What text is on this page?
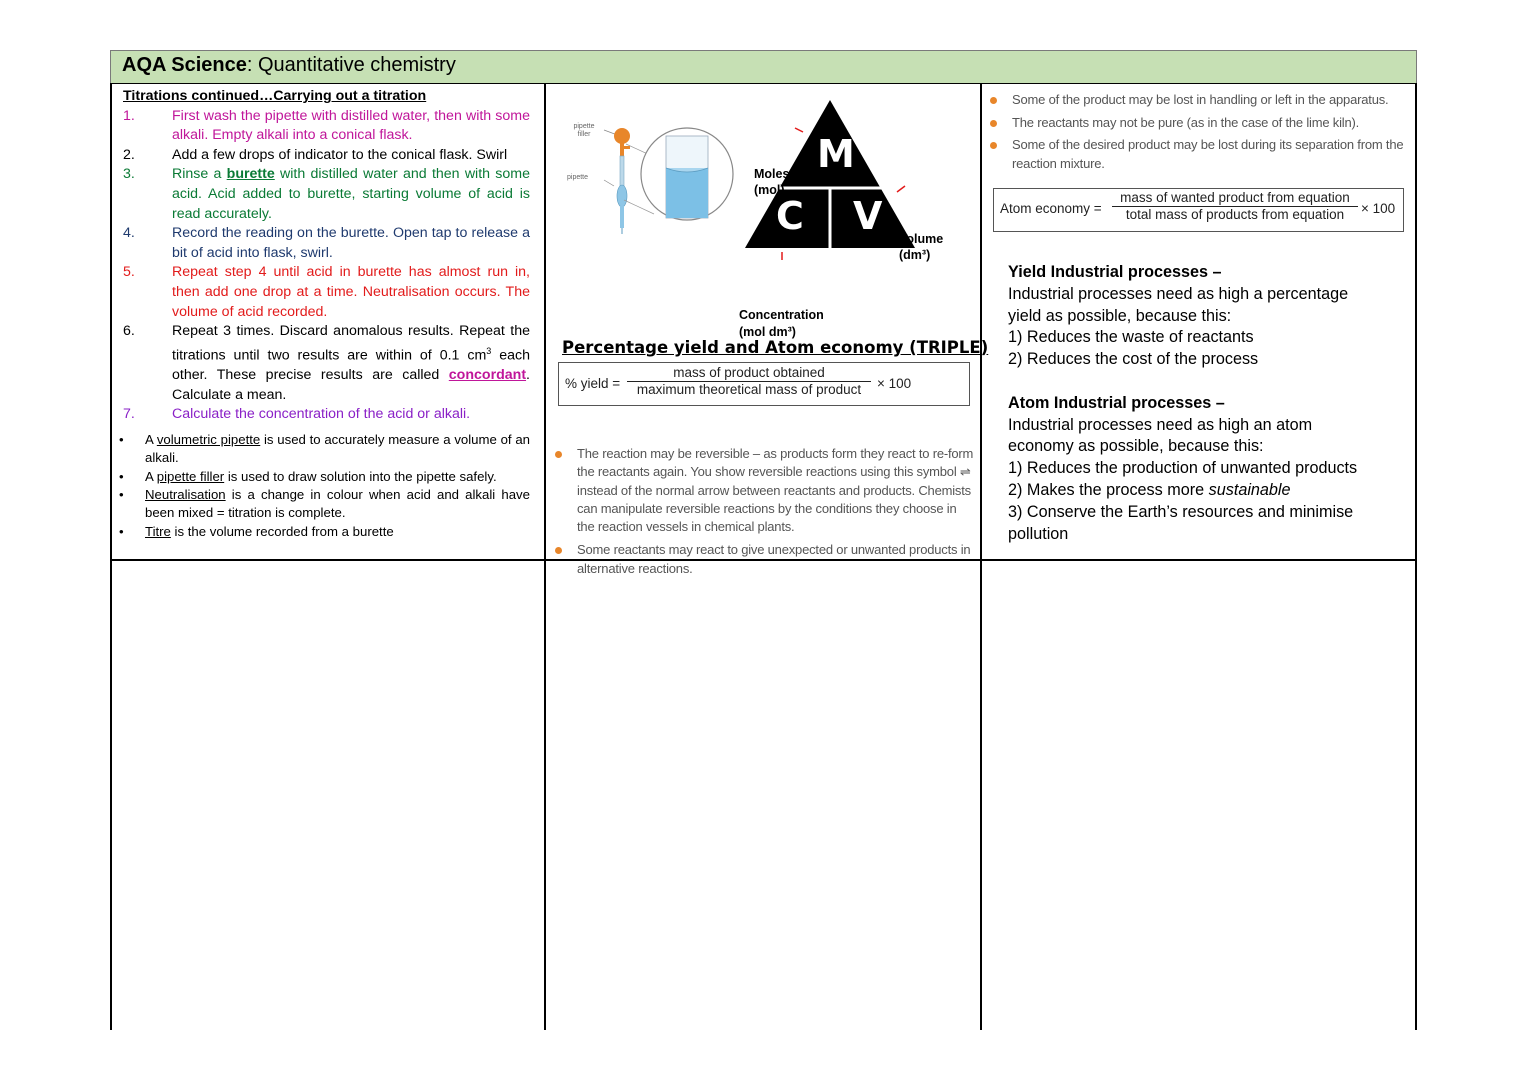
AQA Science: Quantitative chemistry
Titrations continued…Carrying out a titration
1.	First wash the pipette with distilled water, then with some alkali. Empty alkali into a conical flask.
2.	Add a few drops of indicator to the conical flask. Swirl
3.	Rinse a burette with distilled water and then with some acid. Acid added to burette, starting volume of acid is read accurately.
4.	Record the reading on the burette. Open tap to release a bit of acid into flask, swirl.
5.	Repeat step 4 until acid in burette has almost run in, then add one drop at a time. Neutralisation occurs. The volume of acid recorded.
6.	Repeat 3 times. Discard anomalous results. Repeat the titrations until two results are within of 0.1 $cm^3$ each other. These precise results are called concordant. Calculate a mean.
7.	Calculate the concentration of the acid or alkali.
• A volumetric pipette is used to accurately measure a volume of an alkali.
• A pipette filler is used to draw solution into the pipette safely.
• Neutralisation is a change in colour when acid and alkali have been mixed = titration is complete.
• Titre is the volume recorded from a burette
pipette filler
pipette
M
C V
Moles
(mol)
Volume
(dm³)
Concentration
(mol dm³)
Percentage yield and Atom economy (TRIPLE)
% yield =
mass of product obtained
maximum theoretical mass of product	× 100
The reaction may be reversible – as products form they react to re-form the reactants again. You show reversible reactions using this symbol ⇌ instead of the normal arrow between reactants and products. Chemists can manipulate reversible reactions by the conditions they choose in the reaction vessels in chemical plants.
Some reactants may react to give unexpected or unwanted products in alternative reactions.
Some of the product may be lost in handling or left in the apparatus.
The reactants may not be pure (as in the case of the lime kiln).
Some of the desired product may be lost during its separation from the reaction mixture.
Atom economy =
mass of wanted product from equation
total mass of products from equation	× 100
Yield Industrial processes –
Industrial processes need as high a percentage
yield as possible, because this:
1) Reduces the waste of reactants
2) Reduces the cost of the process
Atom Industrial processes –
Industrial processes need as high an atom
economy as possible, because this:
1) Reduces the production of unwanted products
2) Makes the process more sustainable
3) Conserve the Earth’s resources and minimise
pollution
